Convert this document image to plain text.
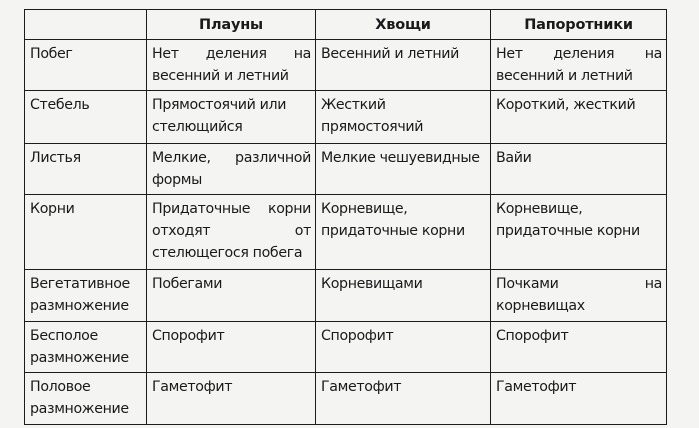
	Плауны	Хвощи	Папоротники

Побег	Нет деления на весенний и летний	Весенний и летний	Нет деления на весенний и летний

Стебель	Прямостоячий или стелющийся	Жесткий прямостоячий	Короткий, жесткий

Листья	Мелкие, различной формы	Мелкие чешуевидные	Вайи

Корни	Придаточные корни отходят от стелющегося побега	Корневище, придаточные корни	Корневище, придаточные корни

Вегетативное размножение	Побегами	Корневищами	Почками на корневищах

Бесполое размножение	Спорофит	Спорофит	Спорофит

Половое размножение	Гаметофит	Гаметофит	Гаметофит
